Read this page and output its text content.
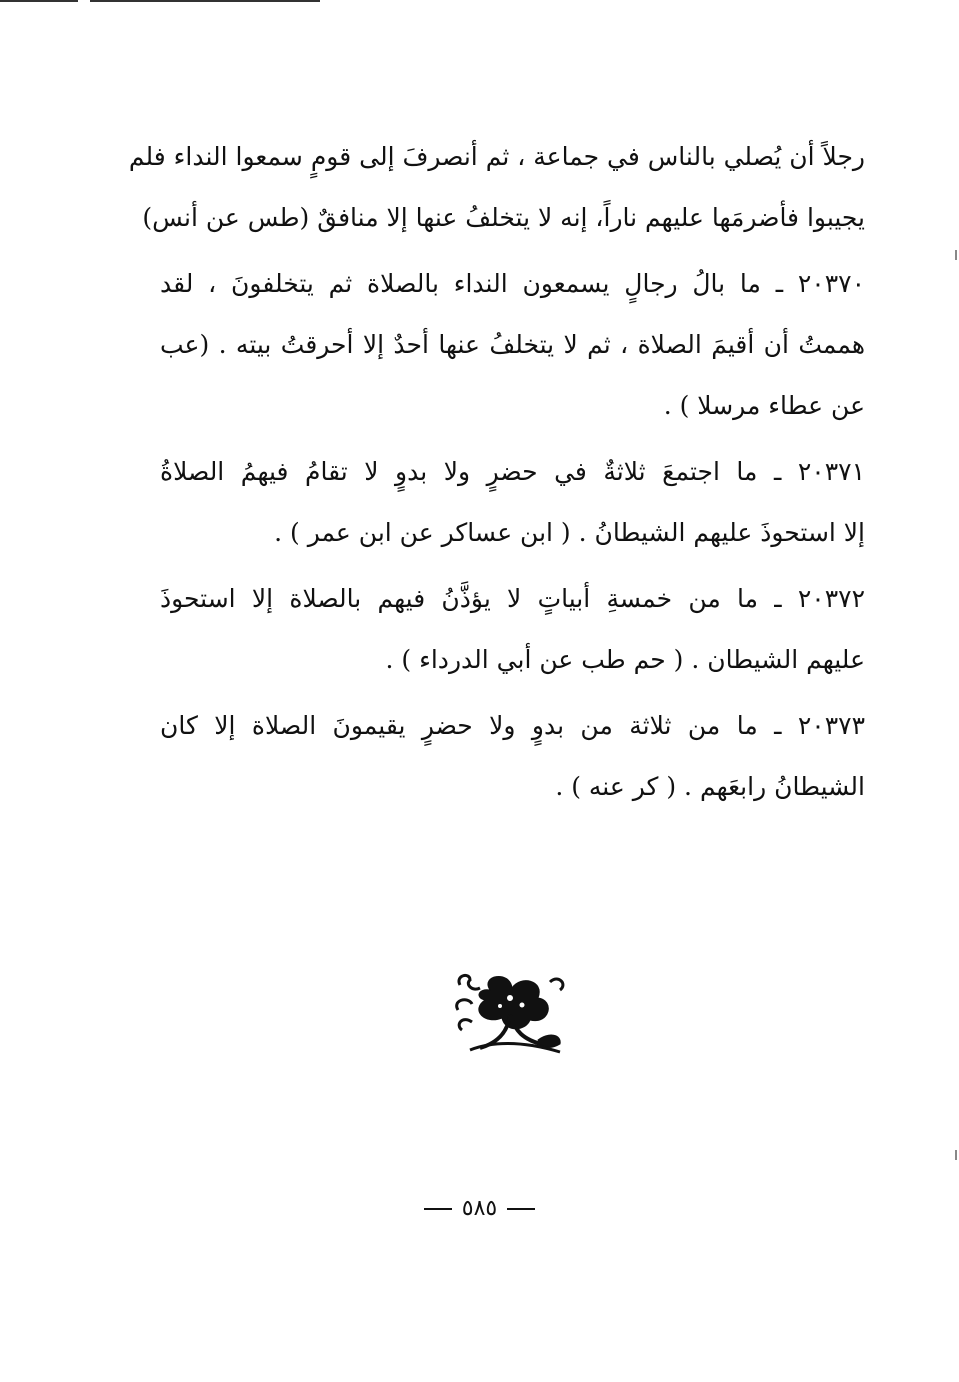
رجلاً أن يُصلي بالناس في جماعة ، ثم أنصرفَ إلى قومٍ سمعوا النداء فلم

يجيبوا فأضرمَها عليهم ناراً، إنه لا يتخلفُ عنها إلا منافقٌ (طس عن أنس)

٢٠٣٧٠ ـ ما بالُ رجالٍ يسمعون النداء بالصلاة ثم يتخلفونَ ، لقد

هممتُ أن أقيمَ الصلاة ، ثم لا يتخلفُ عنها أحدٌ إلا أحرقتُ بيته . (عب

عن عطاء مرسلا ) .

٢٠٣٧١ ـ ما اجتمعَ ثلاثةٌ في حضرٍ ولا بدوٍ لا تقامُ فيهمُ الصلاةُ

إلا استحوذَ عليهم الشيطانُ . ( ابن عساكر عن ابن عمر ) .

٢٠٣٧٢ ـ ما من خمسةِ أبياتٍ لا يؤذَّنُ فيهم بالصلاة إلا استحوذَ

عليهم الشيطان . ( حم طب عن أبي الدرداء ) .

٢٠٣٧٣ ـ ما من ثلاثة من بدوٍ ولا حضرٍ يقيمونَ الصلاة إلا كان

الشيطانُ رابعَهم . ( كر عنه ) .

٥٨٥
